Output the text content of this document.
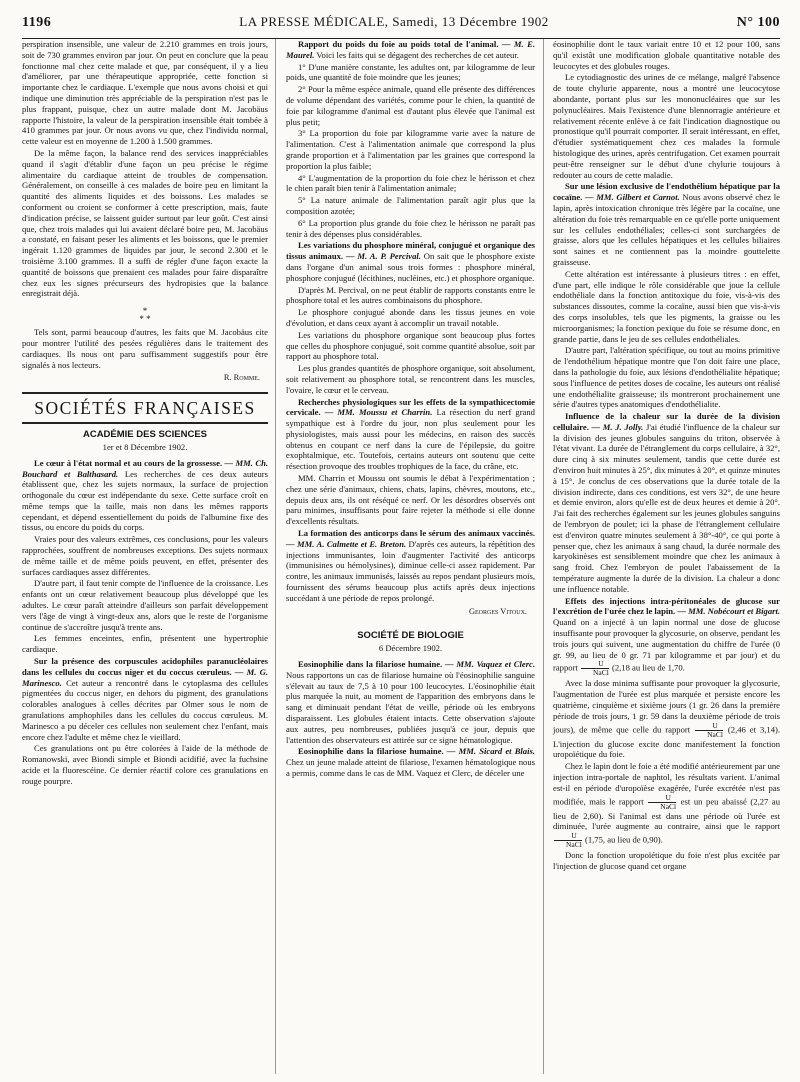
1196	LA PRESSE MÉDICALE, Samedi, 13 Décembre 1902	N° 100

perspiration insensible, une valeur de 2.210 grammes en trois jours, soit de 730 grammes environ par jour. On peut en conclure que la peau fonctionne mal chez cette malade et que, par conséquent, il y a lieu d'améliorer, par une thérapeutique appropriée, cette fonction si importante chez le cardiaque. L'exemple que nous avons choisi et qui indique une diminution très appréciable de la perspiration n'est pas le plus frappant, puisque, chez un autre malade dont M. Jacobäus rapporte l'histoire, la valeur de la perspiration insensible était tombée à 410 grammes par jour. Or nous avons vu que, chez l'individu normal, cette valeur est en moyenne de 1.200 à 1.500 grammes.

De la même façon, la balance rend des services inappréciables quand il s'agit d'établir d'une façon un peu précise le régime alimentaire du cardiaque atteint de troubles de compensation. Généralement, on conseille à ces malades de boire peu en limitant la quantité des aliments liquides et des boissons. Les malades se conforment ou croient se conformer à cette prescription, mais, faute d'indication précise, se laissent guider surtout par leur goût. C'est ainsi que, chez trois malades qui lui avaient déclaré boire peu, M. Jacobäus a constaté, en faisant peser les aliments et les boissons, que le premier ingérait 1.120 grammes de liquides par jour, le second 2.300 et le troisième 3.100 grammes. Il a suffi de régler d'une façon exacte la quantité de boissons que prenaient ces malades pour faire disparaître chez eux les signes précurseurs des hydropisies que la balance enregistrait déjà.

*
* *

Tels sont, parmi beaucoup d'autres, les faits que M. Jacobäus cite pour montrer l'utilité des pesées régulières dans le traitement des cardiaques. Ils nous ont paru suffisamment suggestifs pour être signalés à nos lecteurs.

R. Romme.
SOCIÉTÉS FRANÇAISES
ACADÉMIE DES SCIENCES
1er et 8 Décembre 1902.

Le cœur à l'état normal et au cours de la grossesse. — MM. Ch. Bouchard et Balthasard. Les recherches de ces deux auteurs établissent que, chez les sujets normaux, la surface de projection orthogonale du cœur est indépendante du sexe. Cette surface croît en même temps que la taille, mais non dans les mêmes rapports cependant, et dépend essentiellement du poids de l'albumine fixe des tissus, ou encore du poids du corps.

Vraies pour des valeurs extrêmes, ces conclusions, pour les valeurs rapprochées, souffrent de nombreuses exceptions. Des sujets normaux de même taille et de même poids peuvent, en effet, présenter des surfaces cardiaques assez différentes.

D'autre part, il faut tenir compte de l'influence de la croissance. Les enfants ont un cœur relativement beaucoup plus développé que les adultes. Le cœur paraît atteindre d'ailleurs son parfait développement vers l'âge de vingt à vingt-deux ans, alors que le reste de l'organisme continue de s'accroître jusqu'à trente ans.

Les femmes enceintes, enfin, présentent une hypertrophie cardiaque.

Sur la présence des corpuscules acidophiles paranucléolaires dans les cellules du coccus niger et du coccus cœruleus. — M. G. Marinesco. Cet auteur a rencontré dans le cytoplasma des cellules pigmentées du coccus niger, en dehors du pigment, des granulations colorables analogues à celles décrites par Olmer sous le nom de granulations amphophiles dans les cellules du coccus cœruleus. M. Marinesco a pu déceler ces cellules non seulement chez l'enfant, mais encore chez l'adulte et même chez le vieillard.

Ces granulations ont pu être colorées à l'aide de la méthode de Romanowski, avec Biondi simple et Biondi acidifié, avec la fuchsine acide et la fluorescéine. Ce dernier réactif colore ces granulations en rouge pourpre.

Rapport du poids du foie au poids total de l'animal. — M. E. Maurel. Voici les faits qui se dégagent des recherches de cet auteur.

1° D'une manière constante, les adultes ont, par kilogramme de leur poids, une quantité de foie moindre que les jeunes;

2° Pour la même espèce animale, quand elle présente des différences de volume dépendant des variétés, comme pour le chien, la quantité de foie par kilogramme d'animal est d'autant plus élevée que l'animal est plus petit;

3° La proportion du foie par kilogramme varie avec la nature de l'alimentation. C'est à l'alimentation animale que correspond la plus grande proportion et à l'alimentation par les graines que correspond la proportion la plus faible;

4° L'augmentation de la proportion du foie chez le hérisson et chez le chien paraît bien tenir à l'alimentation animale;

5° La nature animale de l'alimentation paraît agir plus que la composition azotée;

6° La proportion plus grande du foie chez le hérisson ne paraît pas tenir à des dépenses plus considérables.

Les variations du phosphore minéral, conjugué et organique des tissus animaux. — M. A. P. Percival. On sait que le phosphore existe dans l'organe d'un animal sous trois formes : phosphore minéral, phosphore conjugué (lécithines, nucléines, etc.) et phosphore organique.

D'après M. Percival, on ne peut établir de rapports constants entre le phosphore total et les autres combinaisons du phosphore.

Le phosphore conjugué abonde dans les tissus jeunes en voie d'évolution, et dans ceux ayant à accomplir un travail notable.

Les variations du phosphore organique sont beaucoup plus fortes que celles du phosphore conjugué, soit comme quantité absolue, soit par rapport au phosphore total.

Les plus grandes quantités de phosphore organique, soit absolument, soit relativement au phosphore total, se rencontrent dans les muscles, l'ovaire, le cœur et le cerveau.

Recherches physiologiques sur les effets de la sympathicectomie cervicale. — MM. Moussu et Charrin. La résection du nerf grand sympathique est à l'ordre du jour, non plus seulement pour les physiologistes, mais aussi pour les médecins, en raison des succès obtenus en coupant ce nerf dans la cure de l'épilepsie, du goitre exophtalmique, etc. Toutefois, certains auteurs ont soutenu que cette résection provoque des troubles trophiques de la face, du crâne, etc.

MM. Charrin et Moussu ont soumis le débat à l'expérimentation ; chez une série d'animaux, chiens, chats, lapins, chèvres, moutons, etc., depuis deux ans, ils ont réséqué ce nerf. Or les désordres observés ont paru minimes, insuffisants pour faire rejeter la méthode si elle donne d'excellents résultats.

La formation des anticorps dans le sérum des animaux vaccinés. — MM. A. Calmette et E. Breton. D'après ces auteurs, la répétition des injections immunisantes, loin d'augmenter l'activité des anticorps (immunisines ou hémolysines), diminue celle-ci assez rapidement. Par contre, les animaux immunisés, laissés au repos pendant plusieurs mois, fournissent des sérums beaucoup plus actifs après deux injections succédant à une période de repos prolongé.

Georges Vitoux.
SOCIÉTÉ DE BIOLOGIE
6 Décembre 1902.

Eosinophilie dans la filariose humaine. — MM. Vaquez et Clerc. Nous rapportons un cas de filariose humaine où l'éosinophilie sanguine s'élevait au taux de 7,5 à 10 pour 100 leucocytes. L'éosinophilie était plus marquée la nuit, au moment de l'apparition des embryons dans le sang et diminuait pendant l'état de veille, période où les embryons disparaissent. Les globules étaient intacts. Cette observation s'ajoute aux autres, peu nombreuses, publiées jusqu'à ce jour, depuis que l'attention des observateurs est attirée sur ce signe hématologique.

Eosinophilie dans la filariose humaine. — MM. Sicard et Blais. Chez un jeune malade atteint de filariose, l'examen hématologique nous a permis, comme dans le cas de MM. Vaquez et Clerc, de déceler une

éosinophilie dont le taux variait entre 10 et 12 pour 100, sans qu'il existât une modification globale quantitative notable des leucocytes et des globules rouges.

Le cytodiagnostic des urines de ce mélange, malgré l'absence de toute chylurie apparente, nous a montré une leucocytose abondante, portant plus sur les mononucléaires que sur les polynucléaires. Mais l'existence d'une blennorragie antérieure et relativement récente enlève à ce fait l'indication diagnostique ou pronostique qu'il pourrait comporter. Il serait intéressant, en effet, d'étudier systématiquement chez ces malades la formule histologique des urines, après centrifugation. Cet examen pourrait peut-être renseigner sur le début d'une chylurie toujours à redouter au cours de cette maladie.

Sur une lésion exclusive de l'endothélium hépatique par la cocaïne. — MM. Gilbert et Carnot. Nous avons observé chez le lapin, après intoxication chronique très légère par la cocaïne, une altération du foie très remarquable en ce qu'elle porte uniquement sur les cellules endothéliales; celles-ci sont surchargées de graisse, alors que les cellules hépatiques et les cellules biliaires sont saines et ne contiennent pas la moindre gouttelette graisseuse.

Cette altération est intéressante à plusieurs titres : en effet, d'une part, elle indique le rôle considérable que joue la cellule endothéliale dans la fonction antitoxique du foie, vis-à-vis des substances dissoutes, comme la cocaïne, aussi bien que vis-à-vis des corps insolubles, tels que les pigments, la graisse ou les microorganismes; la fonction pexique du foie se résume donc, en grande partie, dans le jeu de ses cellules endothéliales.

D'autre part, l'altération spécifique, ou tout au moins primitive de l'endothélium hépatique montre que l'on doit faire une place, dans la pathologie du foie, aux lésions d'endothélialite hépatique; sous l'influence de petites doses de cocaïne, les auteurs ont réalisé une endothélialite graisseuse; ils montreront prochainement une série d'autres types anatomiques d'endothélialite.

Influence de la chaleur sur la durée de la division cellulaire. — M. J. Jolly. J'ai étudié l'influence de la chaleur sur la division des jeunes globules sanguins du triton, observée à l'état vivant. La durée de l'étranglement du corps cellulaire, à 32°, dure cinq à six minutes seulement, tandis que cette durée est d'environ huit minutes à 25°, dix minutes à 20°, et quinze minutes à 15°. Je conclus de ces observations que la durée totale de la division indirecte, dans ces conditions, est vers 32°, de une heure et demie environ, alors qu'elle est de deux heures et demie à 20°. J'ai fait des recherches également sur les jeunes globules sanguins de l'embryon de poulet; ici la phase de l'étranglement cellulaire est d'environ quatre minutes seulement à 38°-40°, ce qui porte à penser que, chez les animaux à sang chaud, la durée normale des karyokinèses est sensiblement moindre que chez les animaux à sang froid. Chez l'embryon de poulet l'abaissement de la température augmente la durée de la division. La chaleur a donc une influence notable.

Effets des injections intra-péritonéales de glucose sur l'excrétion de l'urée chez le lapin. — MM. Nobécourt et Bigart. Quand on a injecté à un lapin normal une dose de glucose insuffisante pour provoquer la glycosurie, on observe, pendant les trois jours qui suivent, une augmentation du chiffre de l'urée (0 gr. 99, au lieu de 0 gr. 71 par kilogramme et par jour) et du rapport $\frac{U}{\text{NaCl}} (2,18$ au lieu de 1,70.

Avec la dose minima suffisante pour provoquer la glycosurie, l'augmentation de l'urée est plus marquée et persiste encore les quatrième, cinquième et sixième jours (1 gr. 26 dans la première période de trois jours, 1 gr. 59 dans la deuxième période de trois jours), de même que celle du rapport $\frac{U}{\text{NaCl}} (2,46$ et 3,14). L'injection du glucose excite donc manifestement la fonction uropoïétique du foie.

Chez le lapin dont le foie a été modifié antérieurement par une injection intra-portale de naphtol, les résultats varient. L'animal est-il en période d'uropoïèse exagérée, l'urée excrétée n'est pas modifiée, mais le rapport $\frac{U}{\text{NaCl}}$ est un peu abaissé (2,27 au lieu de 2,60). Si l'animal est dans une période où l'urée est diminuée, l'urée augmente au contraire, ainsi que le rapport
$\frac{U}{\text{NaCl}} (1,75$, au lieu de 0,90).

Donc la fonction uropoïétique du foie n'est plus excitée par l'injection de glucose quand cet organe
